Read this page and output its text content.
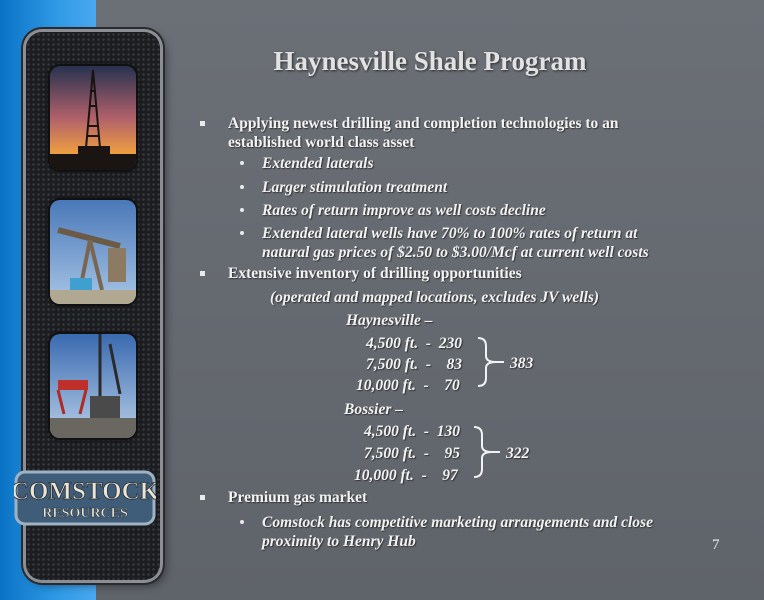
COMSTOCK
RESOURCES
Haynesville Shale Program
Applying newest drilling and completion technologies to an
established world class asset
Extended laterals
Larger stimulation treatment
Rates of return improve as well costs decline
Extended lateral wells have 70% to 100% rates of return at
natural gas prices of $2.50 to $3.00/Mcf at current well costs
Extensive inventory of drilling opportunities
(operated and mapped locations, excludes JV wells)
Haynesville –
4,500 ft.  -  230
7,500 ft.  -    83
10,000 ft.  -    70
383
Bossier –
4,500 ft.  -  130
7,500 ft.  -    95
10,000 ft.  -    97
322
Premium gas market
Comstock has competitive marketing arrangements and close
proximity to Henry Hub	7
